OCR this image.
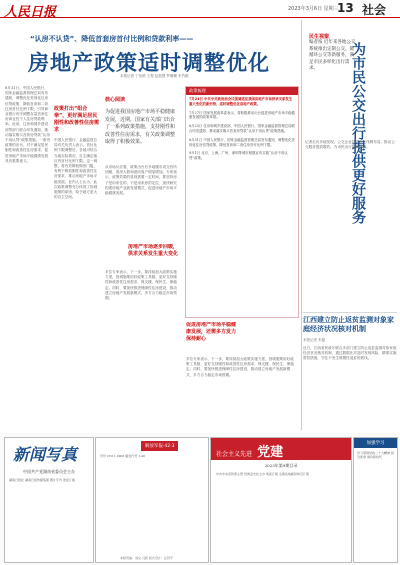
人民日报	2023年3月6日 星期三
13 社会
“认房不认贷”、降低首套房首付比例和贷款利率——
房地产政策适时调整优化
本报记者 丁怡婷 王观 赵展慧 罗珊珊 朱竹颖
核心阅读
为促进我国房地产市场平稳健康发展，近期，国家有关部门出台了一系列政策措施，支持刚性和改善性住房需求，有关政策调整取得了积极效果。
8月31日，中国人民银行、国家金融监督管理总局发布通知，调整优化差别化住房信贷政策，降低首套和二套住房首付比例下限，引导商业银行有序调整存量首套住房商业性个人住房贷款利率。此前，住房和城乡建设部等部门联合印发通知，推动落实购买首套房贷款“认房不用认贷”政策措施。一系列政策的出台，对于满足居民刚性和改善性住房需求、促进房地产市场平稳健康发展具有重要意义。
政策打出“组合拳”，更好满足居民刚性和改善性住房需求
中国人民银行、金融监管总局有关负责人表示，首付比例下限调整后，各地可结合当地实际情况，自主确定辖区内首付比例下限。这一调整，将有效降低购房门槛，有利于释放刚性和改善性住房需求，推动房地产市场平稳发展。业内人士认为，此次政策调整充分体现了因城施策的原则，给予地方更大的自主空间。
从市场反应看，政策出台后多地楼市成交有所回暖，看房人数和意向客户明显增加。专家表示，政策效果的显现需要一定时间，要坚持房子是用来住的、不是用来炒的定位，加快研究构建房地产业新发展模式，促进房地产市场平稳健康发展。
房地产市场逐步回暖，供求关系发生重大变化
多位专家表示，下一步，要持续加大政策实施力度，因城施策用好政策工具箱，更好支持刚性和改善性住房需求，保交楼、保民生、保稳定。同时，要加快推进保障性住房建设，推动建立房地产发展新模式，多方合力稳定市场预期。
促进房地产市场平稳健康发展，还需多方发力保持耐心
多位专家表示，下一步，要持续加大政策实施力度，因城施策用好政策工具箱，更好支持刚性和改善性住房需求，保交楼、保民生、保稳定。同时，要加快推进保障性住房建设，推动建立房地产发展新模式，多方合力稳定市场预期。
政策梳理
7月24日 中共中央政治局会议强调适应我国房地产市场供求关系发生重大变化的新形势，适时调整优化房地产政策。
7月27日 国家发展改革委表示，将积极推动出台促进房地产市场平稳健康发展的政策举措。
8月25日 住房和城乡建设部、中国人民银行、国家金融监督管理总局联合印发通知，推动落实购买首套房贷款“认房不用认贷”政策措施。
8月31日 中国人民银行、国家金融监督管理总局发布通知，调整优化差别化住房信贷政策，降低首套和二套住房首付比例下限。
9月1日 北京、上海、广州、深圳等城市相继宣布实施“认房不用认贷”政策。
民生视窗
编者按 近年来各地公交系统推出定制公交、微循环公交等新服务，满足市民多样化出行需求。	为市民公交出行提供更好服务
记者走访多地发现，公交企业持续优化线网布局，推动公交服务提质增效，为市民出行提供便利。
江西建立防止返贫监测对象家庭经济状况核对机制
本报记者 朱磊
近日，江西省民政厅联合多部门建立防止返贫监测对象家庭经济状况核对机制，通过数据比对及时发现风险，精准实施帮扶措施，守住不发生规模性返贫的底线。
新闻写真
中国共产党湖南省委员会主办
湖南日报社 湖南日报传媒集团 图片专刊 欢迎订阅
解放军报·42·3
刊号 CN11-0003 邮发代号 1-40	社会主义先进 党建
2023年第9期目录
中共中央宣传部主管 党建杂志社主办 欢迎订阅 全国各地邮局均可订阅
加强学习
学习贯彻党的二十大精神 担当使命 建功新时代
本版责编：刘文 马跃 版式设计：汪哲平
